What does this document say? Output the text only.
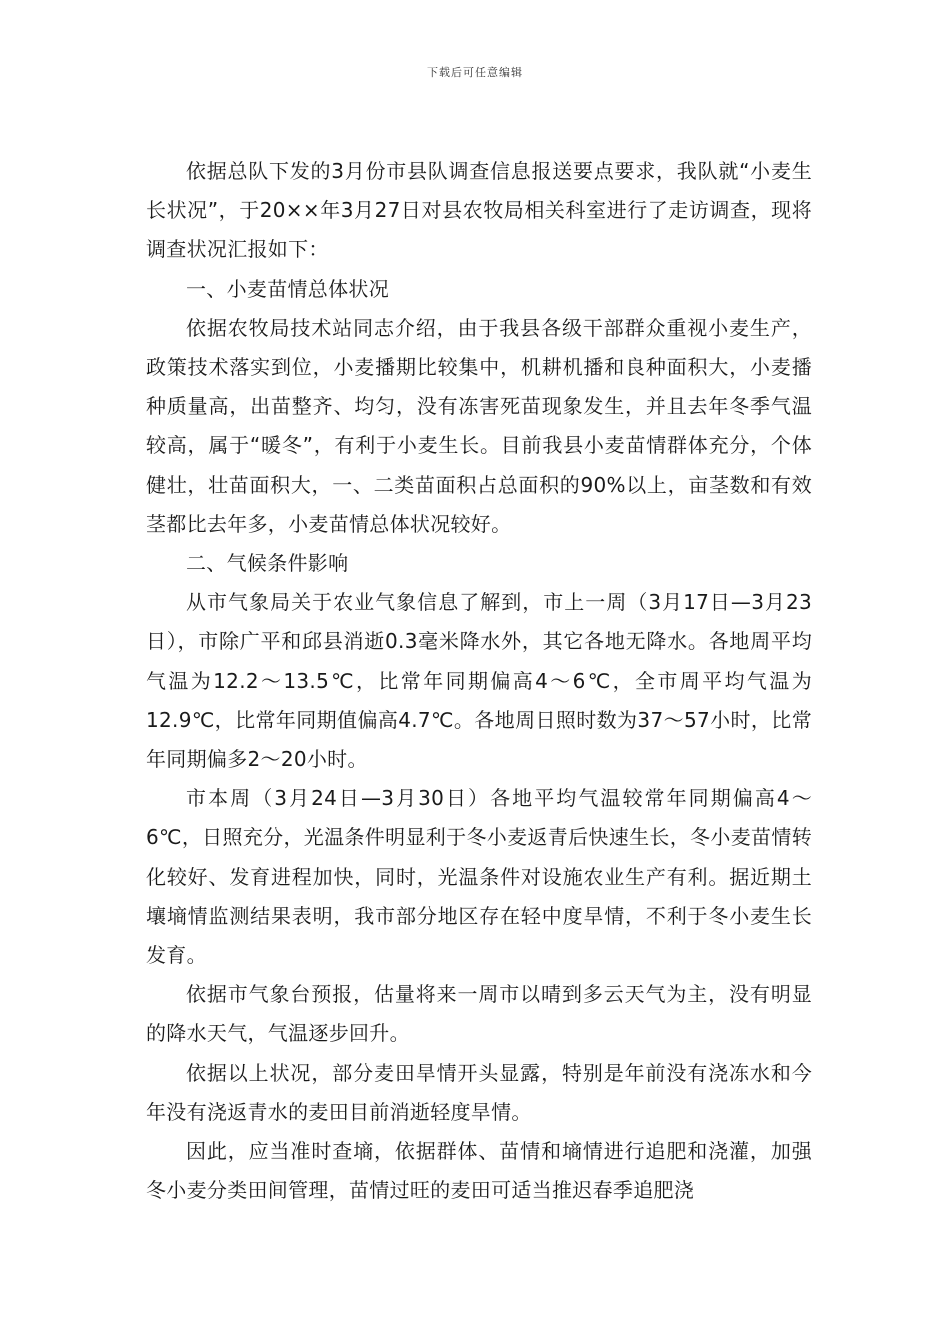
下载后可任意编辑

依据总队下发的3月份市县队调查信息报送要点要求，我队就“小麦生长状况”，于20××年3月27日对县农牧局相关科室进行了走访调查，现将调查状况汇报如下：

一、小麦苗情总体状况

依据农牧局技术站同志介绍，由于我县各级干部群众重视小麦生产，政策技术落实到位，小麦播期比较集中，机耕机播和良种面积大，小麦播种质量高，出苗整齐、均匀，没有冻害死苗现象发生，并且去年冬季气温较高，属于“暖冬”，有利于小麦生长。目前我县小麦苗情群体充分，个体健壮，壮苗面积大，一、二类苗面积占总面积的90%以上，亩茎数和有效茎都比去年多，小麦苗情总体状况较好。

二、气候条件影响

从市气象局关于农业气象信息了解到，市上一周（3月17日—3月23日），市除广平和邱县消逝0.3毫米降水外，其它各地无降水。各地周平均气温为12.2～13.5℃，比常年同期偏高4～6℃，全市周平均气温为12.9℃，比常年同期值偏高4.7℃。各地周日照时数为37～57小时，比常年同期偏多2～20小时。

市本周（3月24日—3月30日）各地平均气温较常年同期偏高4～6℃，日照充分，光温条件明显利于冬小麦返青后快速生长，冬小麦苗情转化较好、发育进程加快，同时，光温条件对设施农业生产有利。据近期土壤墒情监测结果表明，我市部分地区存在轻中度旱情，不利于冬小麦生长发育。

依据市气象台预报，估量将来一周市以晴到多云天气为主，没有明显的降水天气，气温逐步回升。

依据以上状况，部分麦田旱情开头显露，特别是年前没有浇冻水和今年没有浇返青水的麦田目前消逝轻度旱情。

因此，应当准时查墒，依据群体、苗情和墒情进行追肥和浇灌，加强冬小麦分类田间管理，苗情过旺的麦田可适当推迟春季追肥浇
